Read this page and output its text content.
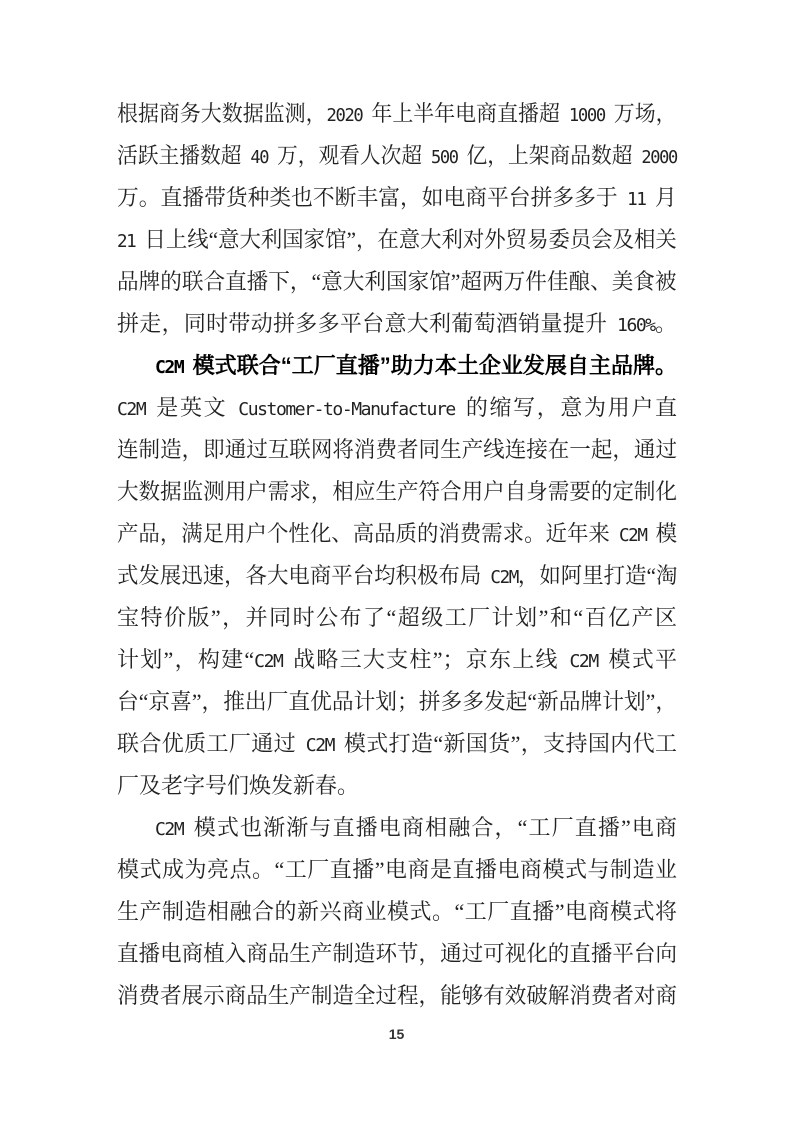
根据商务大数据监测，2020 年上半年电商直播超 1000 万场，
活跃主播数超 40 万，观看人次超 500 亿，上架商品数超 2000
万。直播带货种类也不断丰富，如电商平台拼多多于 11 月
21 日上线“意大利国家馆”，在意大利对外贸易委员会及相关
品牌的联合直播下，“意大利国家馆”超两万件佳酿、美食被
拼走，同时带动拼多多平台意大利葡萄酒销量提升 160%。
C2M 模式联合“工厂直播”助力本土企业发展自主品牌。
C2M 是英文 Customer-to-Manufacture 的缩写，意为用户直
连制造，即通过互联网将消费者同生产线连接在一起，通过
大数据监测用户需求，相应生产符合用户自身需要的定制化
产品，满足用户个性化、高品质的消费需求。近年来 C2M 模
式发展迅速，各大电商平台均积极布局 C2M，如阿里打造“淘
宝特价版”，并同时公布了“超级工厂计划”和“百亿产区
计划”，构建“C2M 战略三大支柱”；京东上线 C2M 模式平
台“京喜”，推出厂直优品计划；拼多多发起“新品牌计划”，
联合优质工厂通过 C2M 模式打造“新国货”，支持国内代工
厂及老字号们焕发新春。
C2M 模式也渐渐与直播电商相融合，“工厂直播”电商
模式成为亮点。“工厂直播”电商是直播电商模式与制造业
生产制造相融合的新兴商业模式。“工厂直播”电商模式将
直播电商植入商品生产制造环节，通过可视化的直播平台向
消费者展示商品生产制造全过程，能够有效破解消费者对商
15
